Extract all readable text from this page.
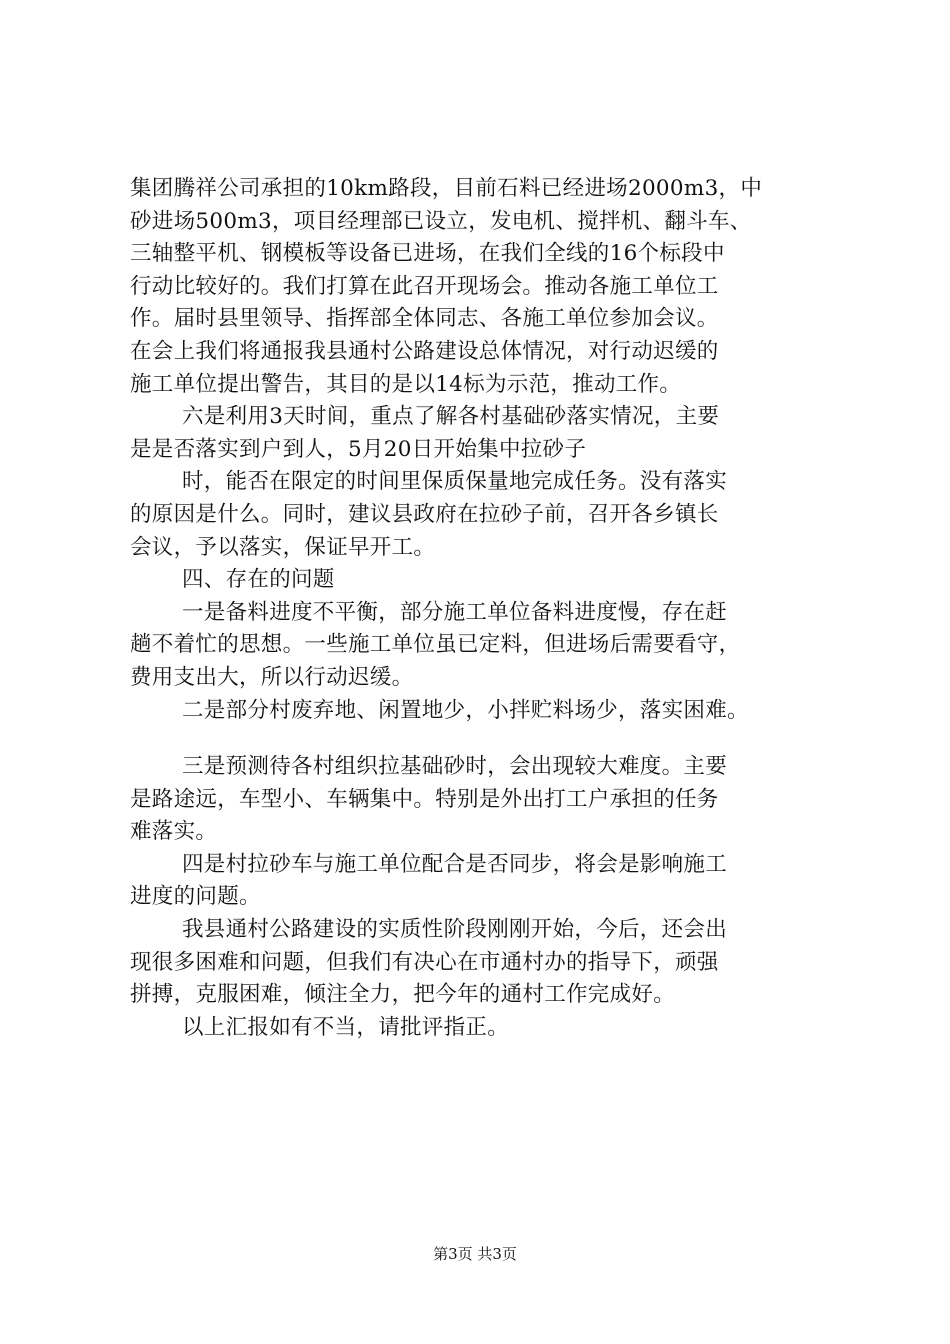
集团腾祥公司承担的10km路段，目前石料已经进场2000m3，中
砂进场500m3，项目经理部已设立，发电机、搅拌机、翻斗车、
三轴整平机、钢模板等设备已进场，在我们全线的16个标段中
行动比较好的。我们打算在此召开现场会。推动各施工单位工
作。届时县里领导、指挥部全体同志、各施工单位参加会议。
在会上我们将通报我县通村公路建设总体情况，对行动迟缓的
施工单位提出警告，其目的是以14标为示范，推动工作。
六是利用3天时间，重点了解各村基础砂落实情况，主要
是是否落实到户到人，5月20日开始集中拉砂子
时，能否在限定的时间里保质保量地完成任务。没有落实
的原因是什么。同时，建议县政府在拉砂子前，召开各乡镇长
会议，予以落实，保证早开工。
四、存在的问题
一是备料进度不平衡，部分施工单位备料进度慢，存在赶
趟不着忙的思想。一些施工单位虽已定料，但进场后需要看守，
费用支出大，所以行动迟缓。
二是部分村废弃地、闲置地少，小拌贮料场少，落实困难。
三是预测待各村组织拉基础砂时，会出现较大难度。主要
是路途远，车型小、车辆集中。特别是外出打工户承担的任务
难落实。
四是村拉砂车与施工单位配合是否同步，将会是影响施工
进度的问题。
我县通村公路建设的实质性阶段刚刚开始，今后，还会出
现很多困难和问题，但我们有决心在市通村办的指导下，顽强
拼搏，克服困难，倾注全力，把今年的通村工作完成好。
以上汇报如有不当，请批评指正。
第3页 共3页
